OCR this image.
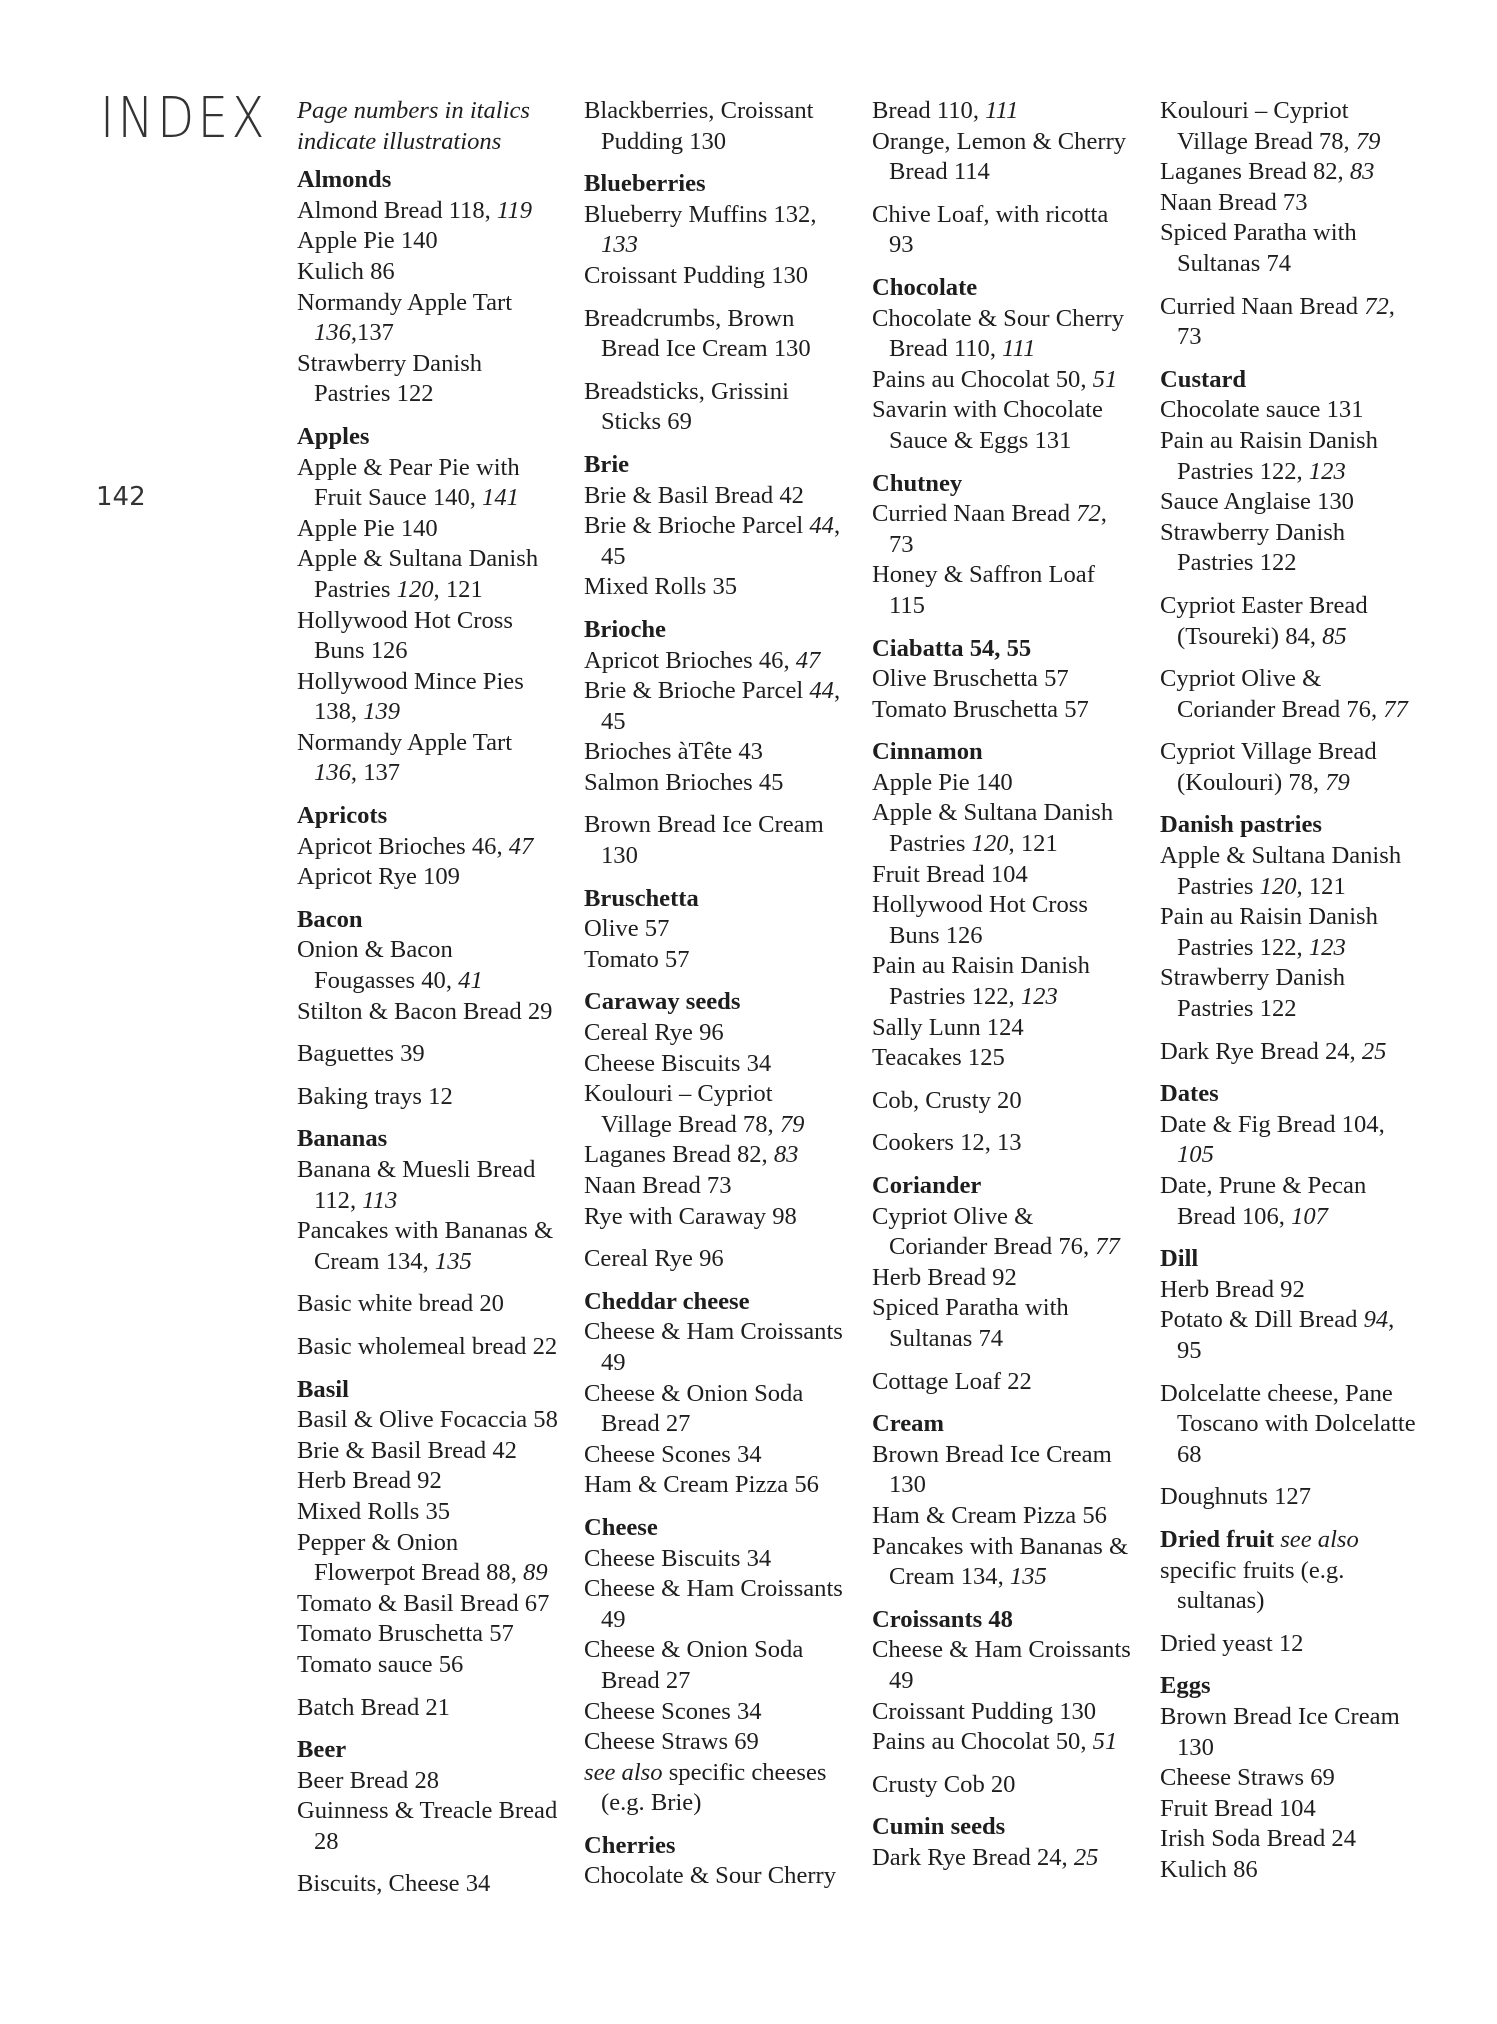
INDEX
142
Page numbers in italics indicate illustrations
Almonds
Almond Bread 118, 119
Apple Pie 140
Kulich 86
Normandy Apple Tart 136,137
Strawberry Danish Pastries 122
Apples
Apple & Pear Pie with Fruit Sauce 140, 141
Apple Pie 140
Apple & Sultana Danish Pastries 120, 121
Hollywood Hot Cross Buns 126
Hollywood Mince Pies 138, 139
Normandy Apple Tart 136, 137
Apricots
Apricot Brioches 46, 47
Apricot Rye 109
Bacon
Onion & Bacon Fougasses 40, 41
Stilton & Bacon Bread 29
Baguettes 39
Baking trays 12
Bananas
Banana & Muesli Bread 112, 113
Pancakes with Bananas & Cream 134, 135
Basic white bread 20
Basic wholemeal bread 22
Basil
Basil & Olive Focaccia 58
Brie & Basil Bread 42
Herb Bread 92
Mixed Rolls 35
Pepper & Onion Flowerpot Bread 88, 89
Tomato & Basil Bread 67
Tomato Bruschetta 57
Tomato sauce 56
Batch Bread 21
Beer
Beer Bread 28
Guinness & Treacle Bread 28
Biscuits, Cheese 34
Blackberries, Croissant Pudding 130
Blueberries
Blueberry Muffins 132, 133
Croissant Pudding 130
Breadcrumbs, Brown Bread Ice Cream 130
Breadsticks, Grissini Sticks 69
Brie
Brie & Basil Bread 42
Brie & Brioche Parcel 44, 45
Mixed Rolls 35
Brioche
Apricot Brioches 46, 47
Brie & Brioche Parcel 44, 45
Brioches àTête 43
Salmon Brioches 45
Brown Bread Ice Cream 130
Bruschetta
Olive 57
Tomato 57
Caraway seeds
Cereal Rye 96
Cheese Biscuits 34
Koulouri – Cypriot Village Bread 78, 79
Laganes Bread 82, 83
Naan Bread 73
Rye with Caraway 98
Cereal Rye 96
Cheddar cheese
Cheese & Ham Croissants 49
Cheese & Onion Soda Bread 27
Cheese Scones 34
Ham & Cream Pizza 56
Cheese
Cheese Biscuits 34
Cheese & Ham Croissants 49
Cheese & Onion Soda Bread 27
Cheese Scones 34
Cheese Straws 69
see also specific cheeses (e.g. Brie)
Cherries
Chocolate & Sour Cherry
Bread 110, 111
Orange, Lemon & Cherry Bread 114
Chive Loaf, with ricotta 93
Chocolate
Chocolate & Sour Cherry Bread 110, 111
Pains au Chocolat 50, 51
Savarin with Chocolate Sauce & Eggs 131
Chutney
Curried Naan Bread 72, 73
Honey & Saffron Loaf 115
Ciabatta 54, 55
Olive Bruschetta 57
Tomato Bruschetta 57
Cinnamon
Apple Pie 140
Apple & Sultana Danish Pastries 120, 121
Fruit Bread 104
Hollywood Hot Cross Buns 126
Pain au Raisin Danish Pastries 122, 123
Sally Lunn 124
Teacakes 125
Cob, Crusty 20
Cookers 12, 13
Coriander
Cypriot Olive & Coriander Bread 76, 77
Herb Bread 92
Spiced Paratha with Sultanas 74
Cottage Loaf 22
Cream
Brown Bread Ice Cream 130
Ham & Cream Pizza 56
Pancakes with Bananas & Cream 134, 135
Croissants 48
Cheese & Ham Croissants 49
Croissant Pudding 130
Pains au Chocolat 50, 51
Crusty Cob 20
Cumin seeds
Dark Rye Bread 24, 25
Koulouri – Cypriot Village Bread 78, 79
Laganes Bread 82, 83
Naan Bread 73
Spiced Paratha with Sultanas 74
Curried Naan Bread 72, 73
Custard
Chocolate sauce 131
Pain au Raisin Danish Pastries 122, 123
Sauce Anglaise 130
Strawberry Danish Pastries 122
Cypriot Easter Bread (Tsoureki) 84, 85
Cypriot Olive & Coriander Bread 76, 77
Cypriot Village Bread (Koulouri) 78, 79
Danish pastries
Apple & Sultana Danish Pastries 120, 121
Pain au Raisin Danish Pastries 122, 123
Strawberry Danish Pastries 122
Dark Rye Bread 24, 25
Dates
Date & Fig Bread 104, 105
Date, Prune & Pecan Bread 106, 107
Dill
Herb Bread 92
Potato & Dill Bread 94, 95
Dolcelatte cheese, Pane Toscano with Dolcelatte 68
Doughnuts 127
Dried fruit see also
specific fruits (e.g. sultanas)
Dried yeast 12
Eggs
Brown Bread Ice Cream 130
Cheese Straws 69
Fruit Bread 104
Irish Soda Bread 24
Kulich 86
